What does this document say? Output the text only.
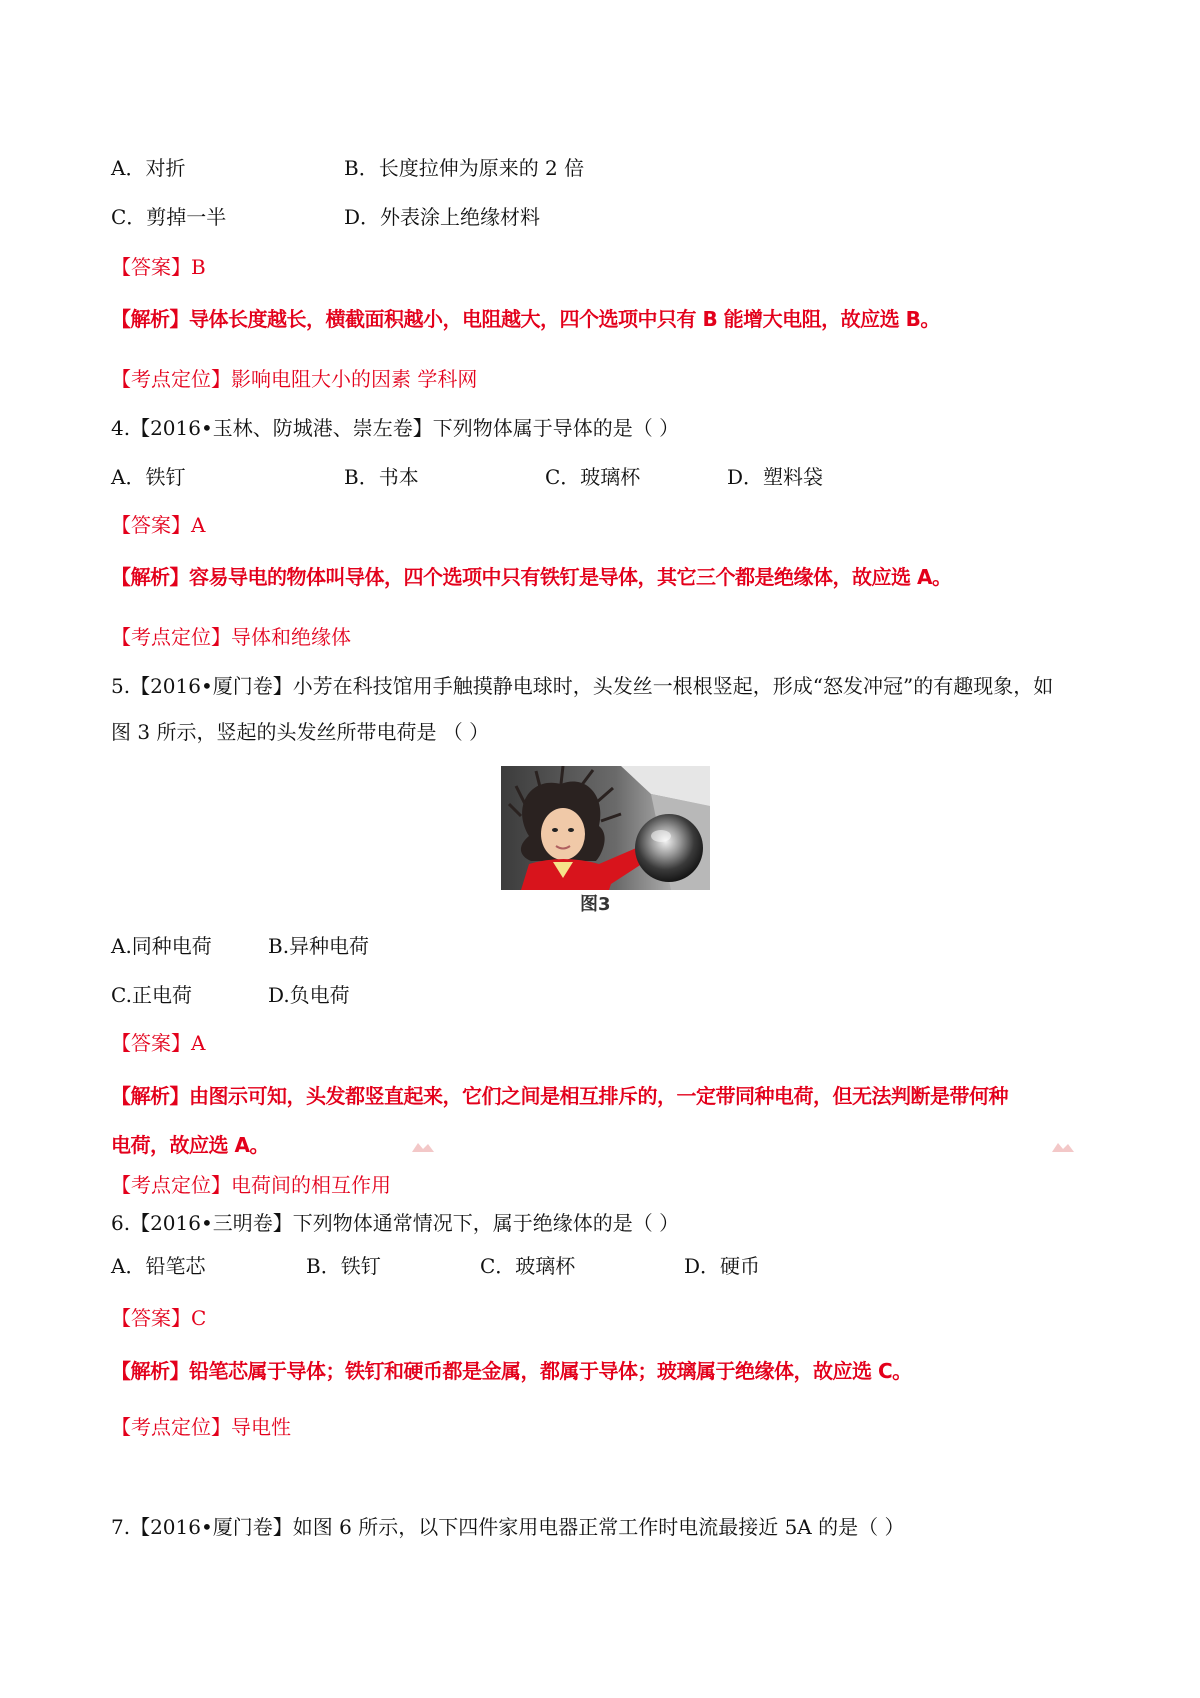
A．对折	B．长度拉伸为原来的 2 倍
C．剪掉一半	D．外表涂上绝缘材料
【答案】B
【解析】导体长度越长，横截面积越小，电阻越大，四个选项中只有 B 能增大电阻，故应选 B。
【考点定位】影响电阻大小的因素 学科网
4.【2016•玉林、防城港、崇左卷】下列物体属于导体的是（ ）
A．铁钉	B．书本	C．玻璃杯	D．塑料袋
【答案】A
【解析】容易导电的物体叫导体，四个选项中只有铁钉是导体，其它三个都是绝缘体，故应选 A。
【考点定位】导体和绝缘体
5.【2016•厦门卷】小芳在科技馆用手触摸静电球时，头发丝一根根竖起，形成“怒发冲冠”的有趣现象，如
图 3 所示，竖起的头发丝所带电荷是 （ ）
图3
A.同种电荷	B.异种电荷
C.正电荷	D.负电荷
【答案】A
【解析】由图示可知，头发都竖直起来，它们之间是相互排斥的，一定带同种电荷，但无法判断是带何种
电荷，故应选 A。
【考点定位】电荷间的相互作用
6.【2016•三明卷】下列物体通常情况下，属于绝缘体的是（ ）
A．铅笔芯	B．铁钉	C．玻璃杯	D．硬币
【答案】C
【解析】铅笔芯属于导体；铁钉和硬币都是金属，都属于导体；玻璃属于绝缘体，故应选 C。
【考点定位】导电性
7.【2016•厦门卷】如图 6 所示，以下四件家用电器正常工作时电流最接近 5A 的是（ ）
